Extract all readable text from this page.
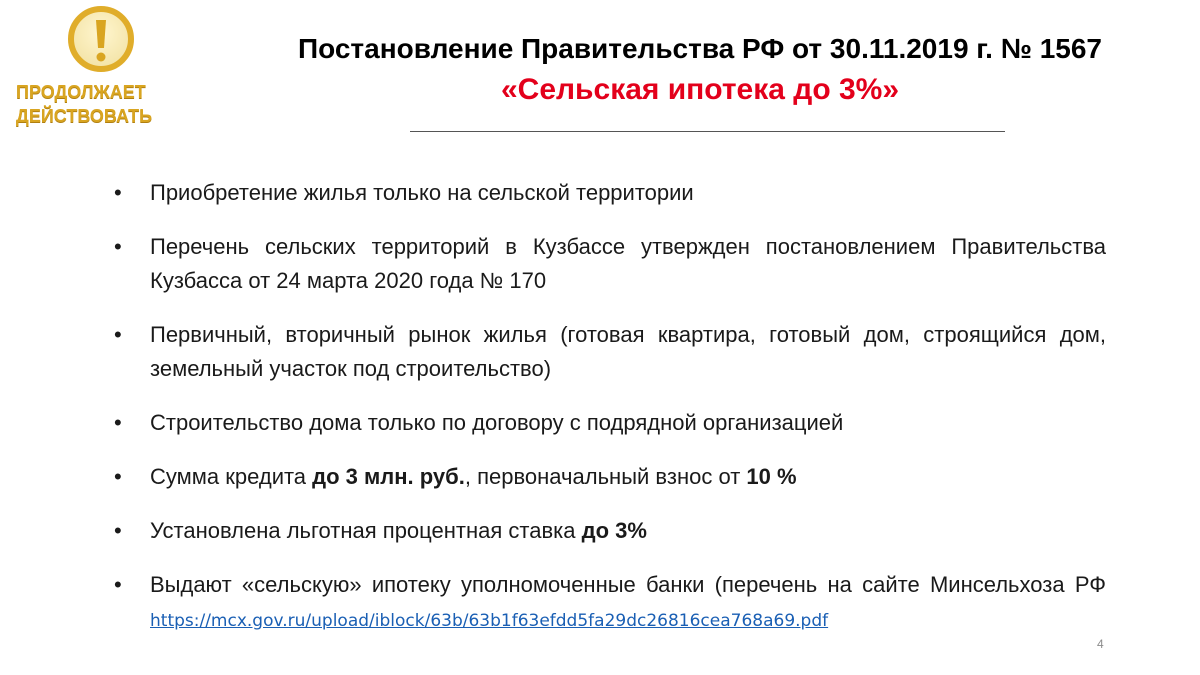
ПРОДОЛЖАЕТ
ДЕЙСТВОВАТЬ
Постановление Правительства РФ от 30.11.2019 г. № 1567
«Сельская ипотека до 3%»
• Приобретение жилья только на сельской территории
• Перечень сельских территорий в Кузбассе утвержден постановлением Правительства Кузбасса от 24 марта 2020 года № 170
• Первичный, вторичный рынок жилья (готовая квартира, готовый дом, строящийся дом, земельный участок под строительство)
• Строительство дома только по договору с подрядной организацией
• Сумма кредита до 3 млн. руб., первоначальный взнос от 10 %
• Установлена льготная процентная ставка до 3%
• Выдают «сельскую» ипотеку уполномоченные банки (перечень на сайте Минсельхоза РФ https://mcx.gov.ru/upload/iblock/63b/63b1f63efdd5fa29dc26816cea768a69.pdf
4
